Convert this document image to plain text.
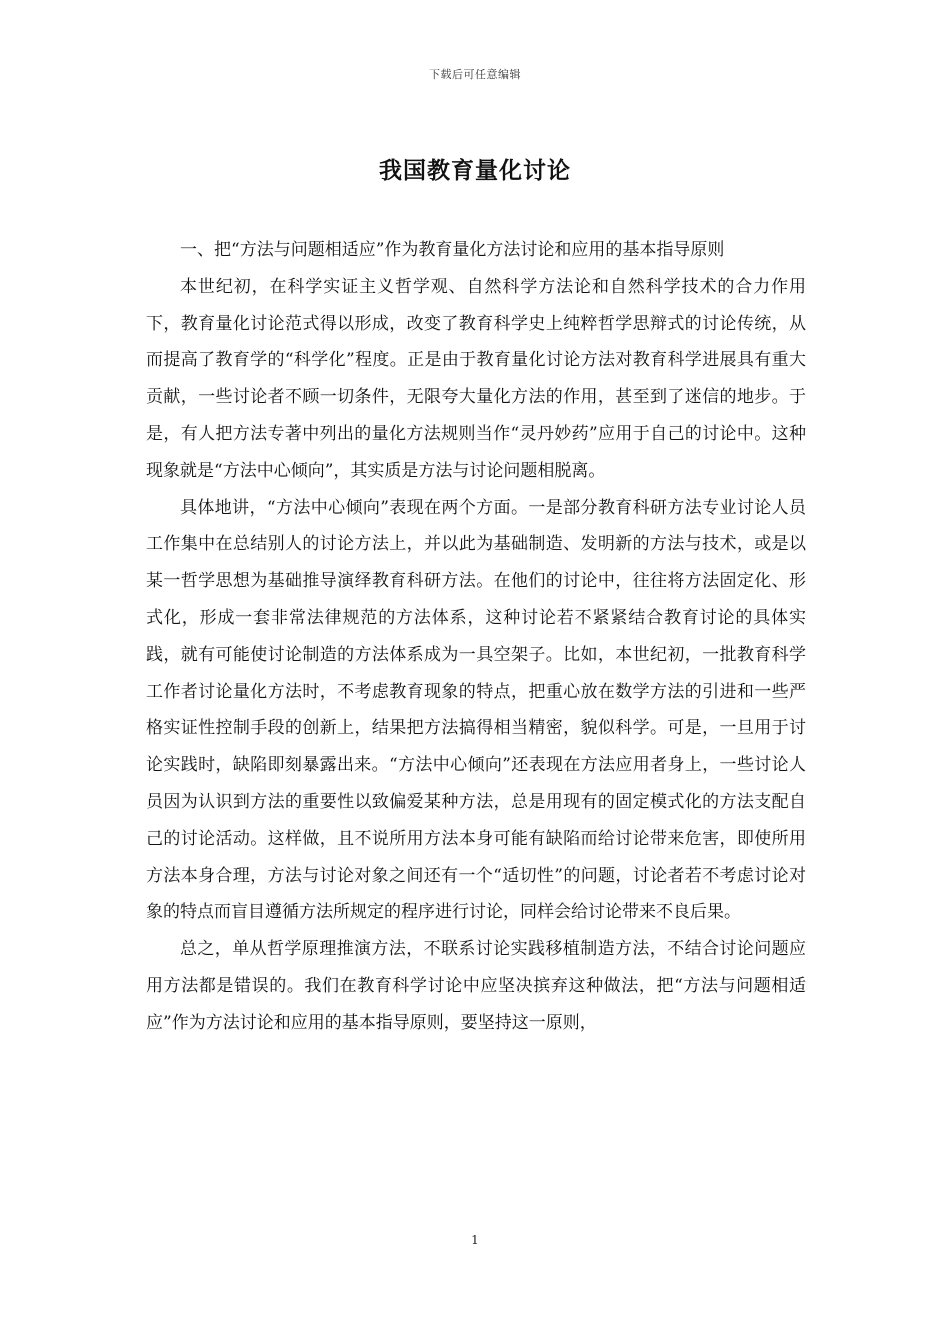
下载后可任意编辑
我国教育量化讨论

一、把“方法与问题相适应”作为教育量化方法讨论和应用的基本指导原则

本世纪初，在科学实证主义哲学观、自然科学方法论和自然科学技术的合力作用下，教育量化讨论范式得以形成，改变了教育科学史上纯粹哲学思辩式的讨论传统，从而提高了教育学的“科学化”程度。正是由于教育量化讨论方法对教育科学进展具有重大贡献，一些讨论者不顾一切条件，无限夸大量化方法的作用，甚至到了迷信的地步。于是，有人把方法专著中列出的量化方法规则当作“灵丹妙药”应用于自己的讨论中。这种现象就是“方法中心倾向”，其实质是方法与讨论问题相脱离。

具体地讲，“方法中心倾向”表现在两个方面。一是部分教育科研方法专业讨论人员工作集中在总结别人的讨论方法上，并以此为基础制造、发明新的方法与技术，或是以某一哲学思想为基础推导演绎教育科研方法。在他们的讨论中，往往将方法固定化、形式化，形成一套非常法律规范的方法体系，这种讨论若不紧紧结合教育讨论的具体实践，就有可能使讨论制造的方法体系成为一具空架子。比如，本世纪初，一批教育科学工作者讨论量化方法时，不考虑教育现象的特点，把重心放在数学方法的引进和一些严格实证性控制手段的创新上，结果把方法搞得相当精密，貌似科学。可是，一旦用于讨论实践时，缺陷即刻暴露出来。“方法中心倾向”还表现在方法应用者身上，一些讨论人员因为认识到方法的重要性以致偏爱某种方法，总是用现有的固定模式化的方法支配自己的讨论活动。这样做，且不说所用方法本身可能有缺陷而给讨论带来危害，即使所用方法本身合理，方法与讨论对象之间还有一个“适切性”的问题，讨论者若不考虑讨论对象的特点而盲目遵循方法所规定的程序进行讨论，同样会给讨论带来不良后果。

总之，单从哲学原理推演方法，不联系讨论实践移植制造方法，不结合讨论问题应用方法都是错误的。我们在教育科学讨论中应坚决摈弃这种做法，把“方法与问题相适应”作为方法讨论和应用的基本指导原则，要坚持这一原则，

1
